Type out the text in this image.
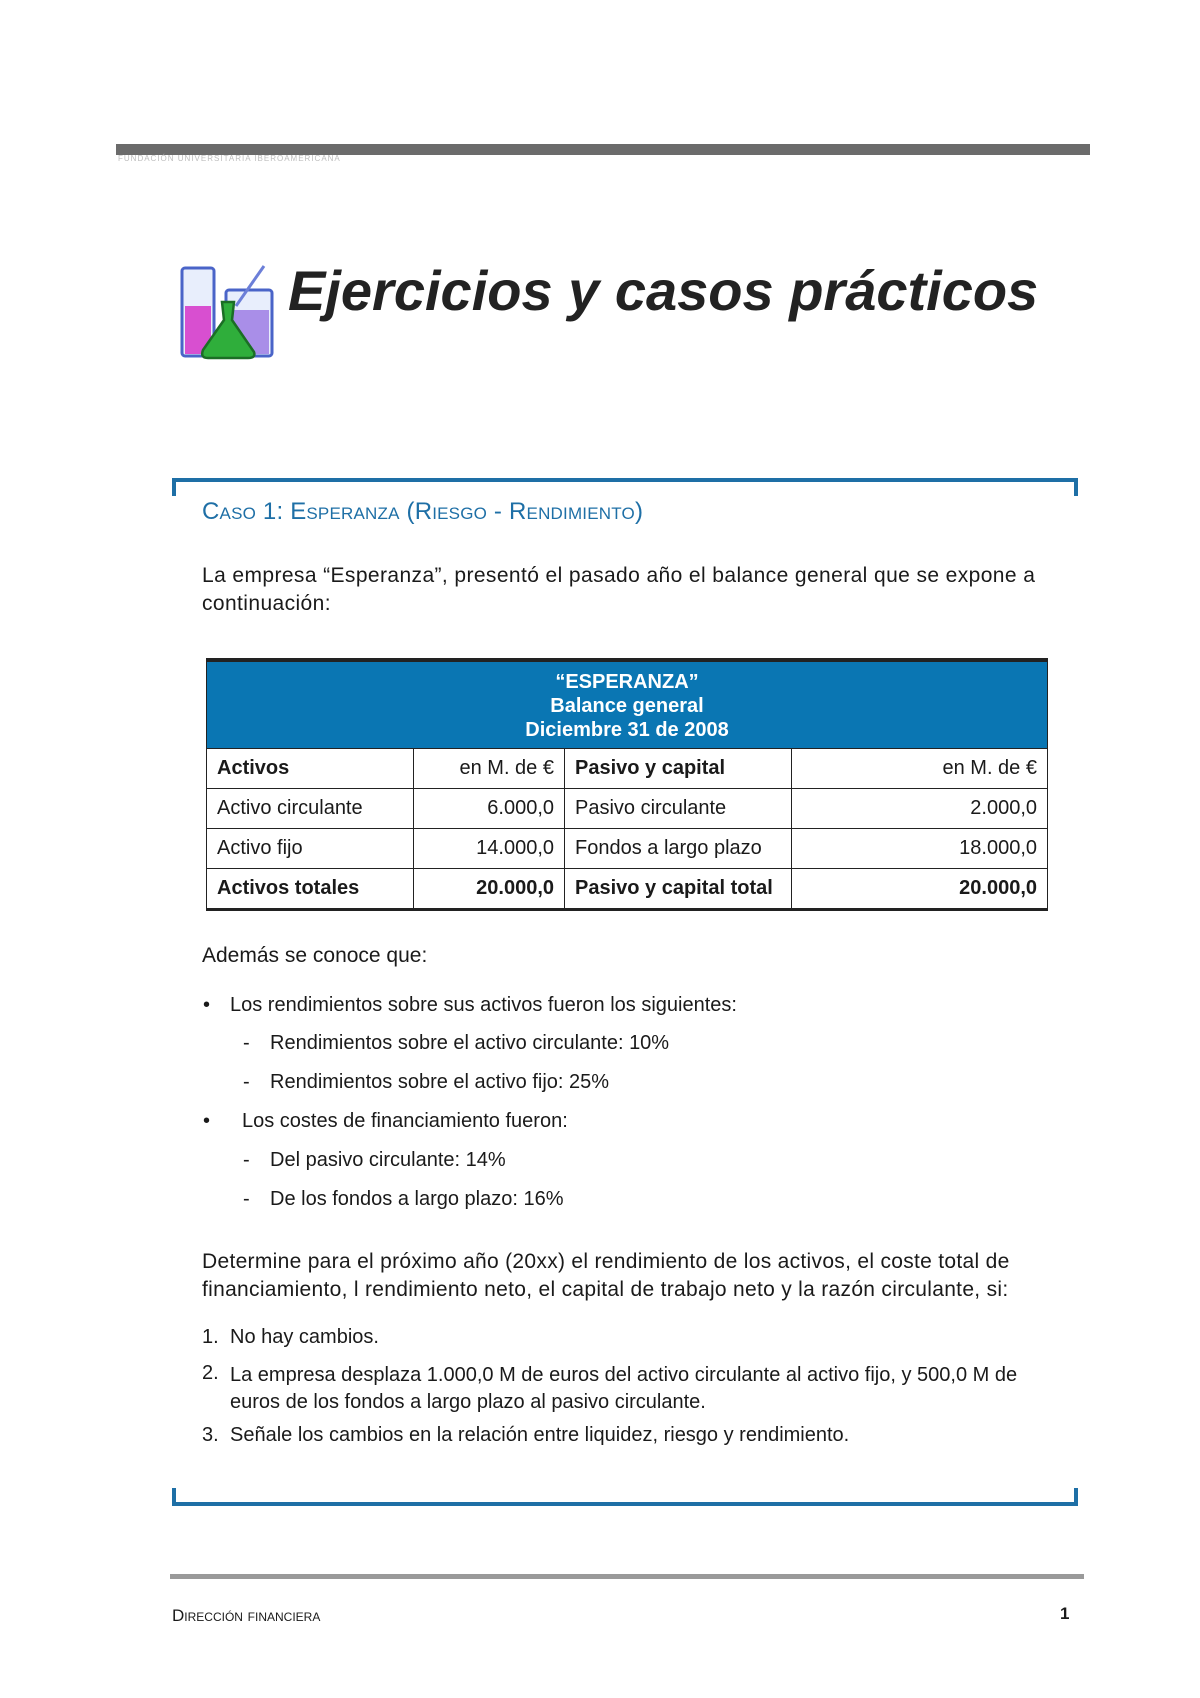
FUNDACIÓN UNIVERSITARIA IBEROAMERICANA
Ejercicios y casos prácticos
Caso 1: Esperanza (Riesgo - Rendimiento)

La empresa “Esperanza”, presentó el pasado año el balance general que se expone a continuación:

“ESPERANZA”
Balance general
Diciembre 31 de 2008			

Activos	en M. de €	Pasivo y capital	en M. de €
Activo circulante	6.000,0	Pasivo circulante	2.000,0
Activo fijo	14.000,0	Fondos a largo plazo	18.000,0
Activos totales	20.000,0	Pasivo y capital total	20.000,0

Además se conoce que:

• Los rendimientos sobre sus activos fueron los siguientes:
- Rendimientos sobre el activo circulante: 10%
- Rendimientos sobre el activo fijo: 25%
• Los costes de financiamiento fueron:
- Del pasivo circulante: 14%
- De los fondos a largo plazo: 16%

Determine para el próximo año (20xx) el rendimiento de los activos, el coste total de financiamiento, l rendimiento neto, el capital de trabajo neto y la razón circulante, si:

1. No hay cambios.
2. La empresa desplaza 1.000,0 M de euros del activo circulante al activo fijo, y 500,0 M de euros de los fondos a largo plazo al pasivo circulante.
3. Señale los cambios en la relación entre liquidez, riesgo y rendimiento.
Dirección financiera	1
